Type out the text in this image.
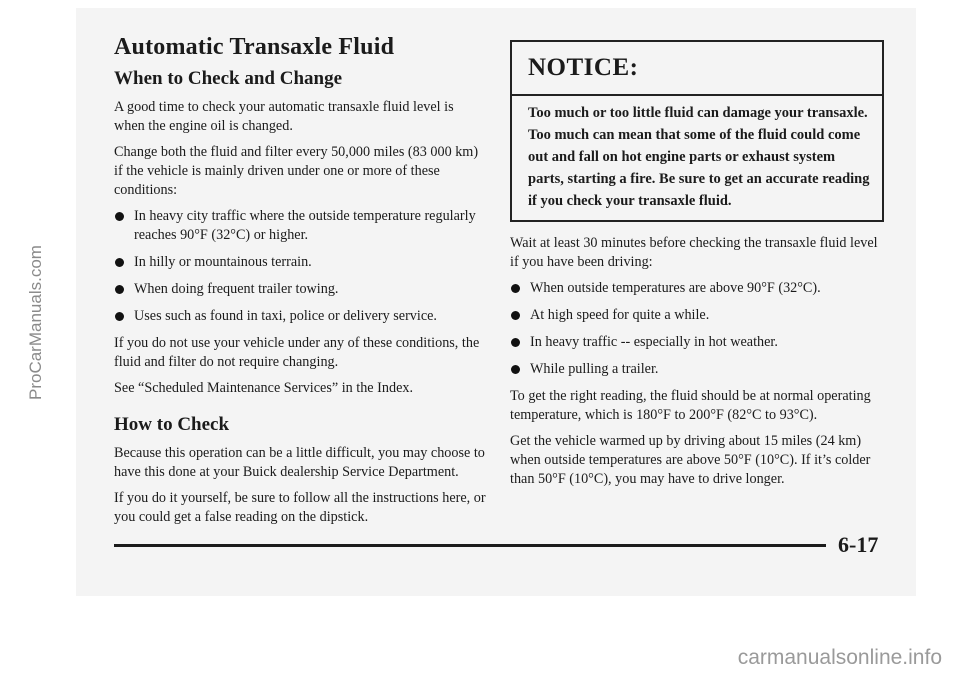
Automatic Transaxle Fluid
When to Check and Change

A good time to check your automatic transaxle fluid level is when the engine oil is changed.

Change both the fluid and filter every 50,000 miles (83 000 km) if the vehicle is mainly driven under one or more of these conditions:

In heavy city traffic where the outside temperature regularly reaches 90°F (32°C) or higher.
In hilly or mountainous terrain.
When doing frequent trailer towing.
Uses such as found in taxi, police or delivery service.

If you do not use your vehicle under any of these conditions, the fluid and filter do not require changing.

See “Scheduled Maintenance Services” in the Index.

How to Check

Because this operation can be a little difficult, you may choose to have this done at your Buick dealership Service Department.

If you do it yourself, be sure to follow all the instructions here, or you could get a false reading on the dipstick.

NOTICE:
Too much or too little fluid can damage your transaxle. Too much can mean that some of the fluid could come out and fall on hot engine parts or exhaust system parts, starting a fire. Be sure to get an accurate reading if you check your transaxle fluid.

Wait at least 30 minutes before checking the transaxle fluid level if you have been driving:

When outside temperatures are above 90°F (32°C).
At high speed for quite a while.
In heavy traffic -- especially in hot weather.
While pulling a trailer.

To get the right reading, the fluid should be at normal operating temperature, which is 180°F to 200°F (82°C to 93°C).

Get the vehicle warmed up by driving about 15 miles (24 km) when outside temperatures are above 50°F (10°C). If it’s colder than 50°F (10°C), you may have to drive longer.

6-17
ProCarManuals.com
carmanualsonline.info
